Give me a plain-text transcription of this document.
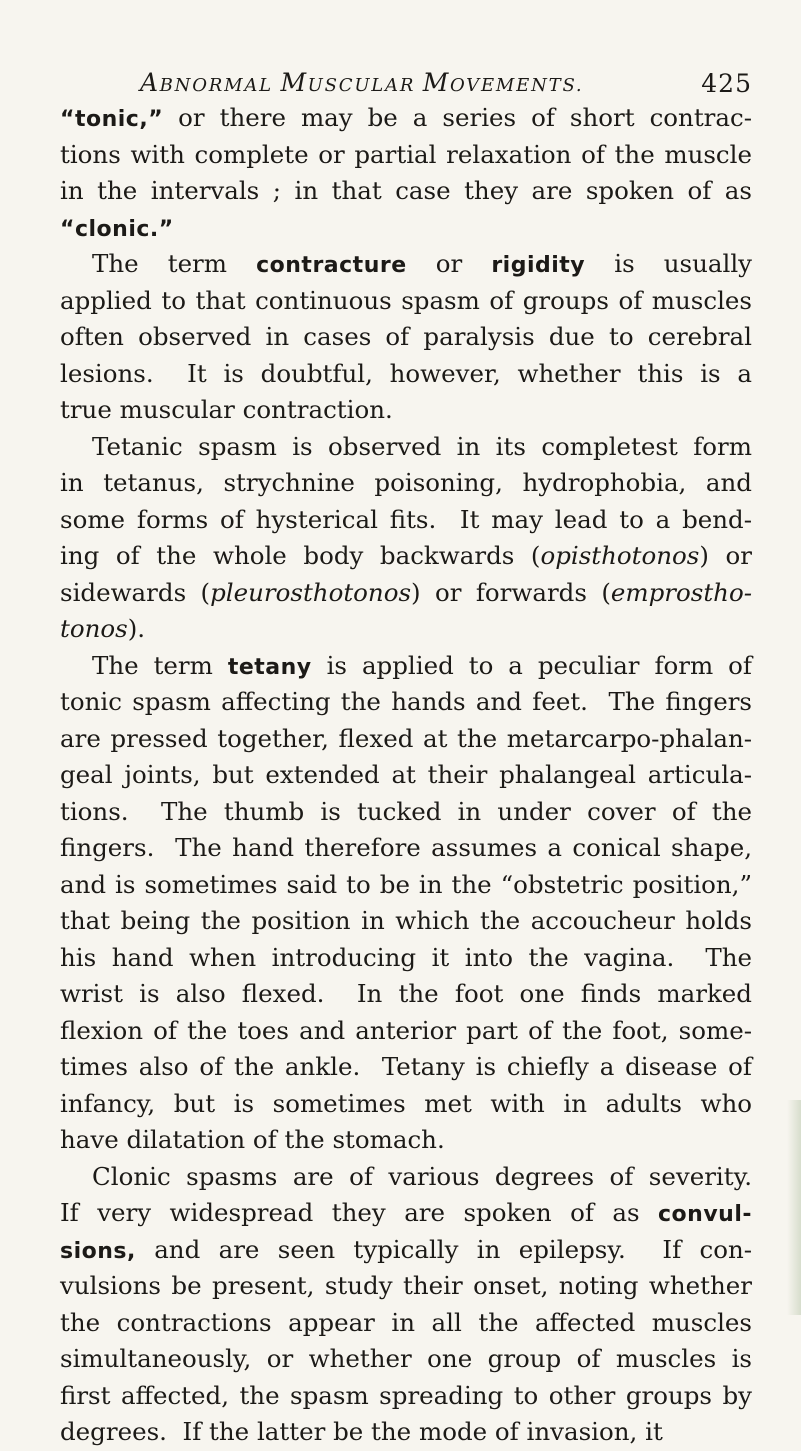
ABNORMAL MUSCULAR MOVEMENTS.	425
“tonic,” or there may be a series of short contrac-
tions with complete or partial relaxation of the muscle
in the intervals ; in that case they are spoken of as
“clonic.”
The term contracture or rigidity is usually
applied to that continuous spasm of groups of muscles
often observed in cases of paralysis due to cerebral
lesions.  It is doubtful, however, whether this is a
true muscular contraction.
Tetanic spasm is observed in its completest form
in tetanus, strychnine poisoning, hydrophobia, and
some forms of hysterical fits.  It may lead to a bend-
ing of the whole body backwards (opisthotonos) or
sidewards (pleurosthotonos) or forwards (emprostho-
tonos).
The term tetany is applied to a peculiar form of
tonic spasm affecting the hands and feet.  The fingers
are pressed together, flexed at the metarcarpo-phalan-
geal joints, but extended at their phalangeal articula-
tions.  The thumb is tucked in under cover of the
fingers.  The hand therefore assumes a conical shape,
and is sometimes said to be in the “obstetric position,”
that being the position in which the accoucheur holds
his hand when introducing it into the vagina.  The
wrist is also flexed.  In the foot one finds marked
flexion of the toes and anterior part of the foot, some-
times also of the ankle.  Tetany is chiefly a disease of
infancy, but is sometimes met with in adults who
have dilatation of the stomach.
Clonic spasms are of various degrees of severity.
If very widespread they are spoken of as convul-
sions, and are seen typically in epilepsy.  If con-
vulsions be present, study their onset, noting whether
the contractions appear in all the affected muscles
simultaneously, or whether one group of muscles is
first affected, the spasm spreading to other groups by
degrees.  If the latter be the mode of invasion, it
